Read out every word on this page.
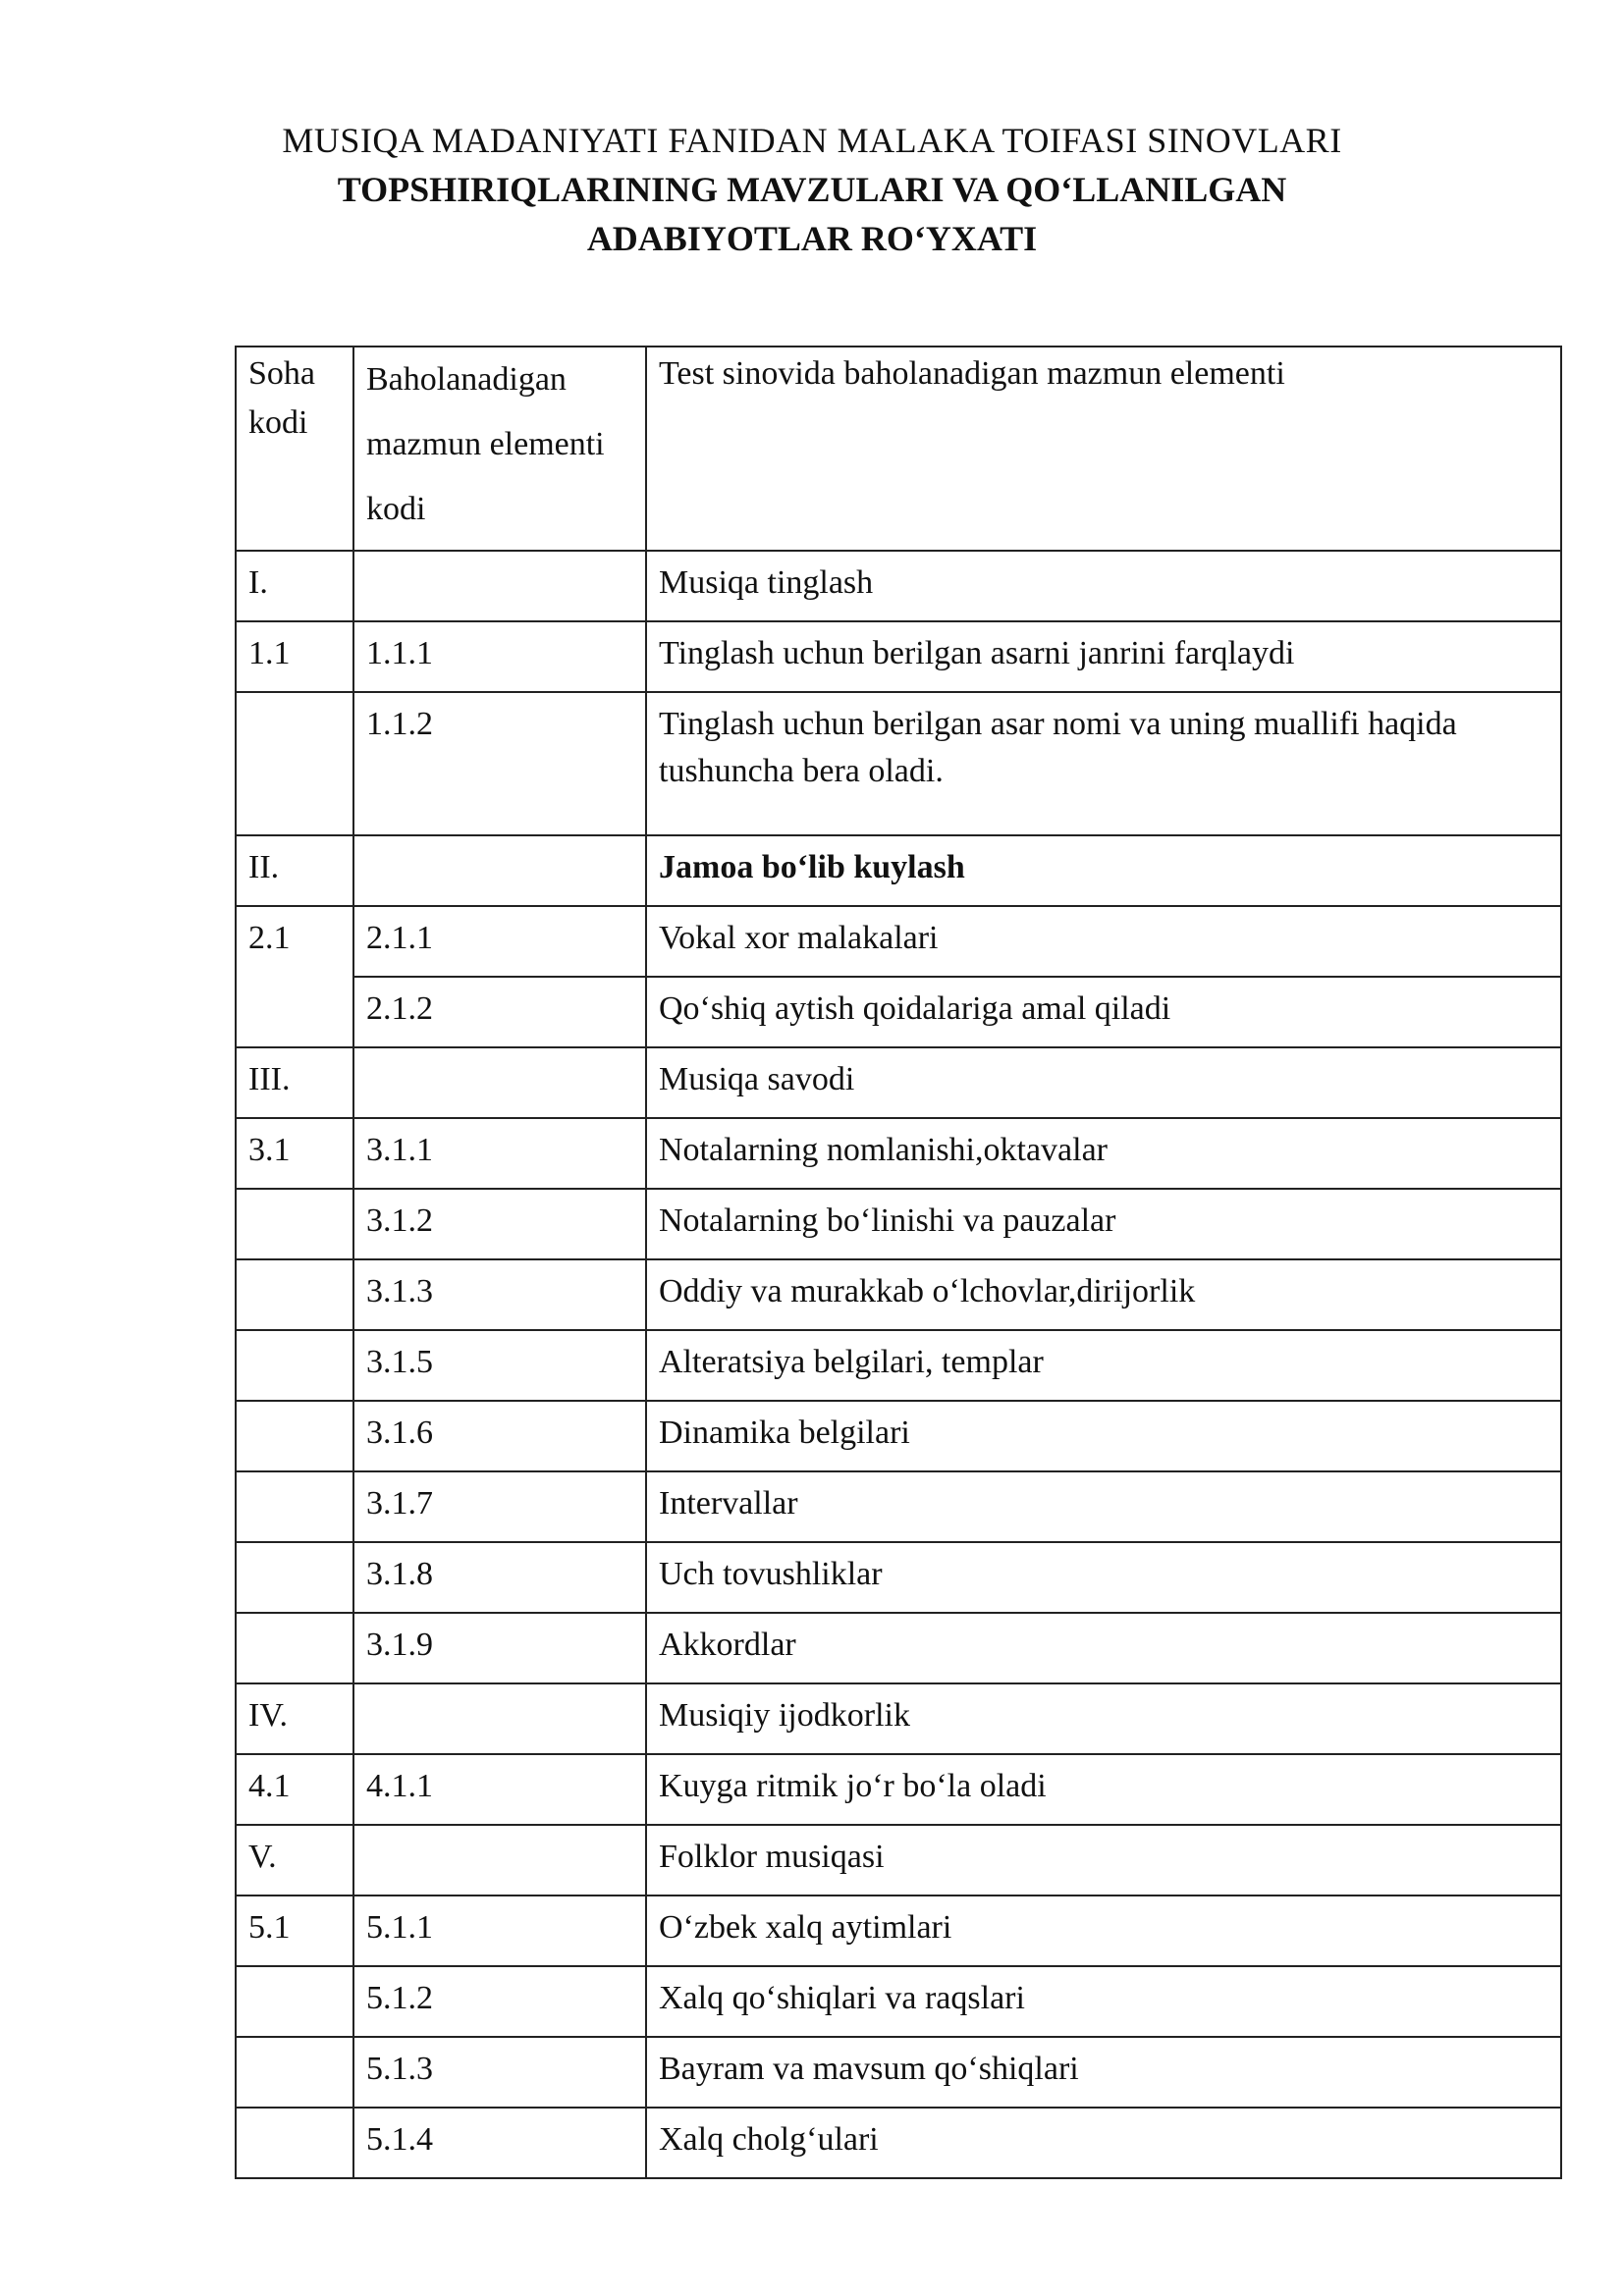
MUSIQA MADANIYATI FANIDAN MALAKA TOIFASI SINOVLARI
TOPSHIRIQLARINING MAVZULARI VA QO‘LLANILGAN
ADABIYOTLAR RO‘YXATI
Soha kodi	Baholanadigan mazmun elementi kodi	Test sinovida baholanadigan mazmun elementi
I.		Musiqa tinglash
1.1	1.1.1	Tinglash uchun berilgan asarni janrini farqlaydi
	1.1.2	Tinglash uchun berilgan asar nomi va uning muallifi haqida tushuncha bera oladi.
II.		Jamoa bo‘lib kuylash
2.1	2.1.1	Vokal xor malakalari
	2.1.2	Qo‘shiq aytish qoidalariga amal qiladi
III.		Musiqa savodi
3.1	3.1.1	Notalarning nomlanishi,oktavalar
	3.1.2	Notalarning bo‘linishi va pauzalar
	3.1.3	Oddiy va murakkab o‘lchovlar,dirijorlik
	3.1.5	Alteratsiya belgilari, templar
	3.1.6	Dinamika belgilari
	3.1.7	Intervallar
	3.1.8	Uch tovushliklar
	3.1.9	Akkordlar
IV.		Musiqiy ijodkorlik
4.1	4.1.1	Kuyga ritmik jo‘r bo‘la oladi
V.		Folklor musiqasi
5.1	5.1.1	O‘zbek xalq aytimlari
	5.1.2	Xalq qo‘shiqlari va raqslari
	5.1.3	Bayram va mavsum qo‘shiqlari
	5.1.4	Xalq cholg‘ulari
